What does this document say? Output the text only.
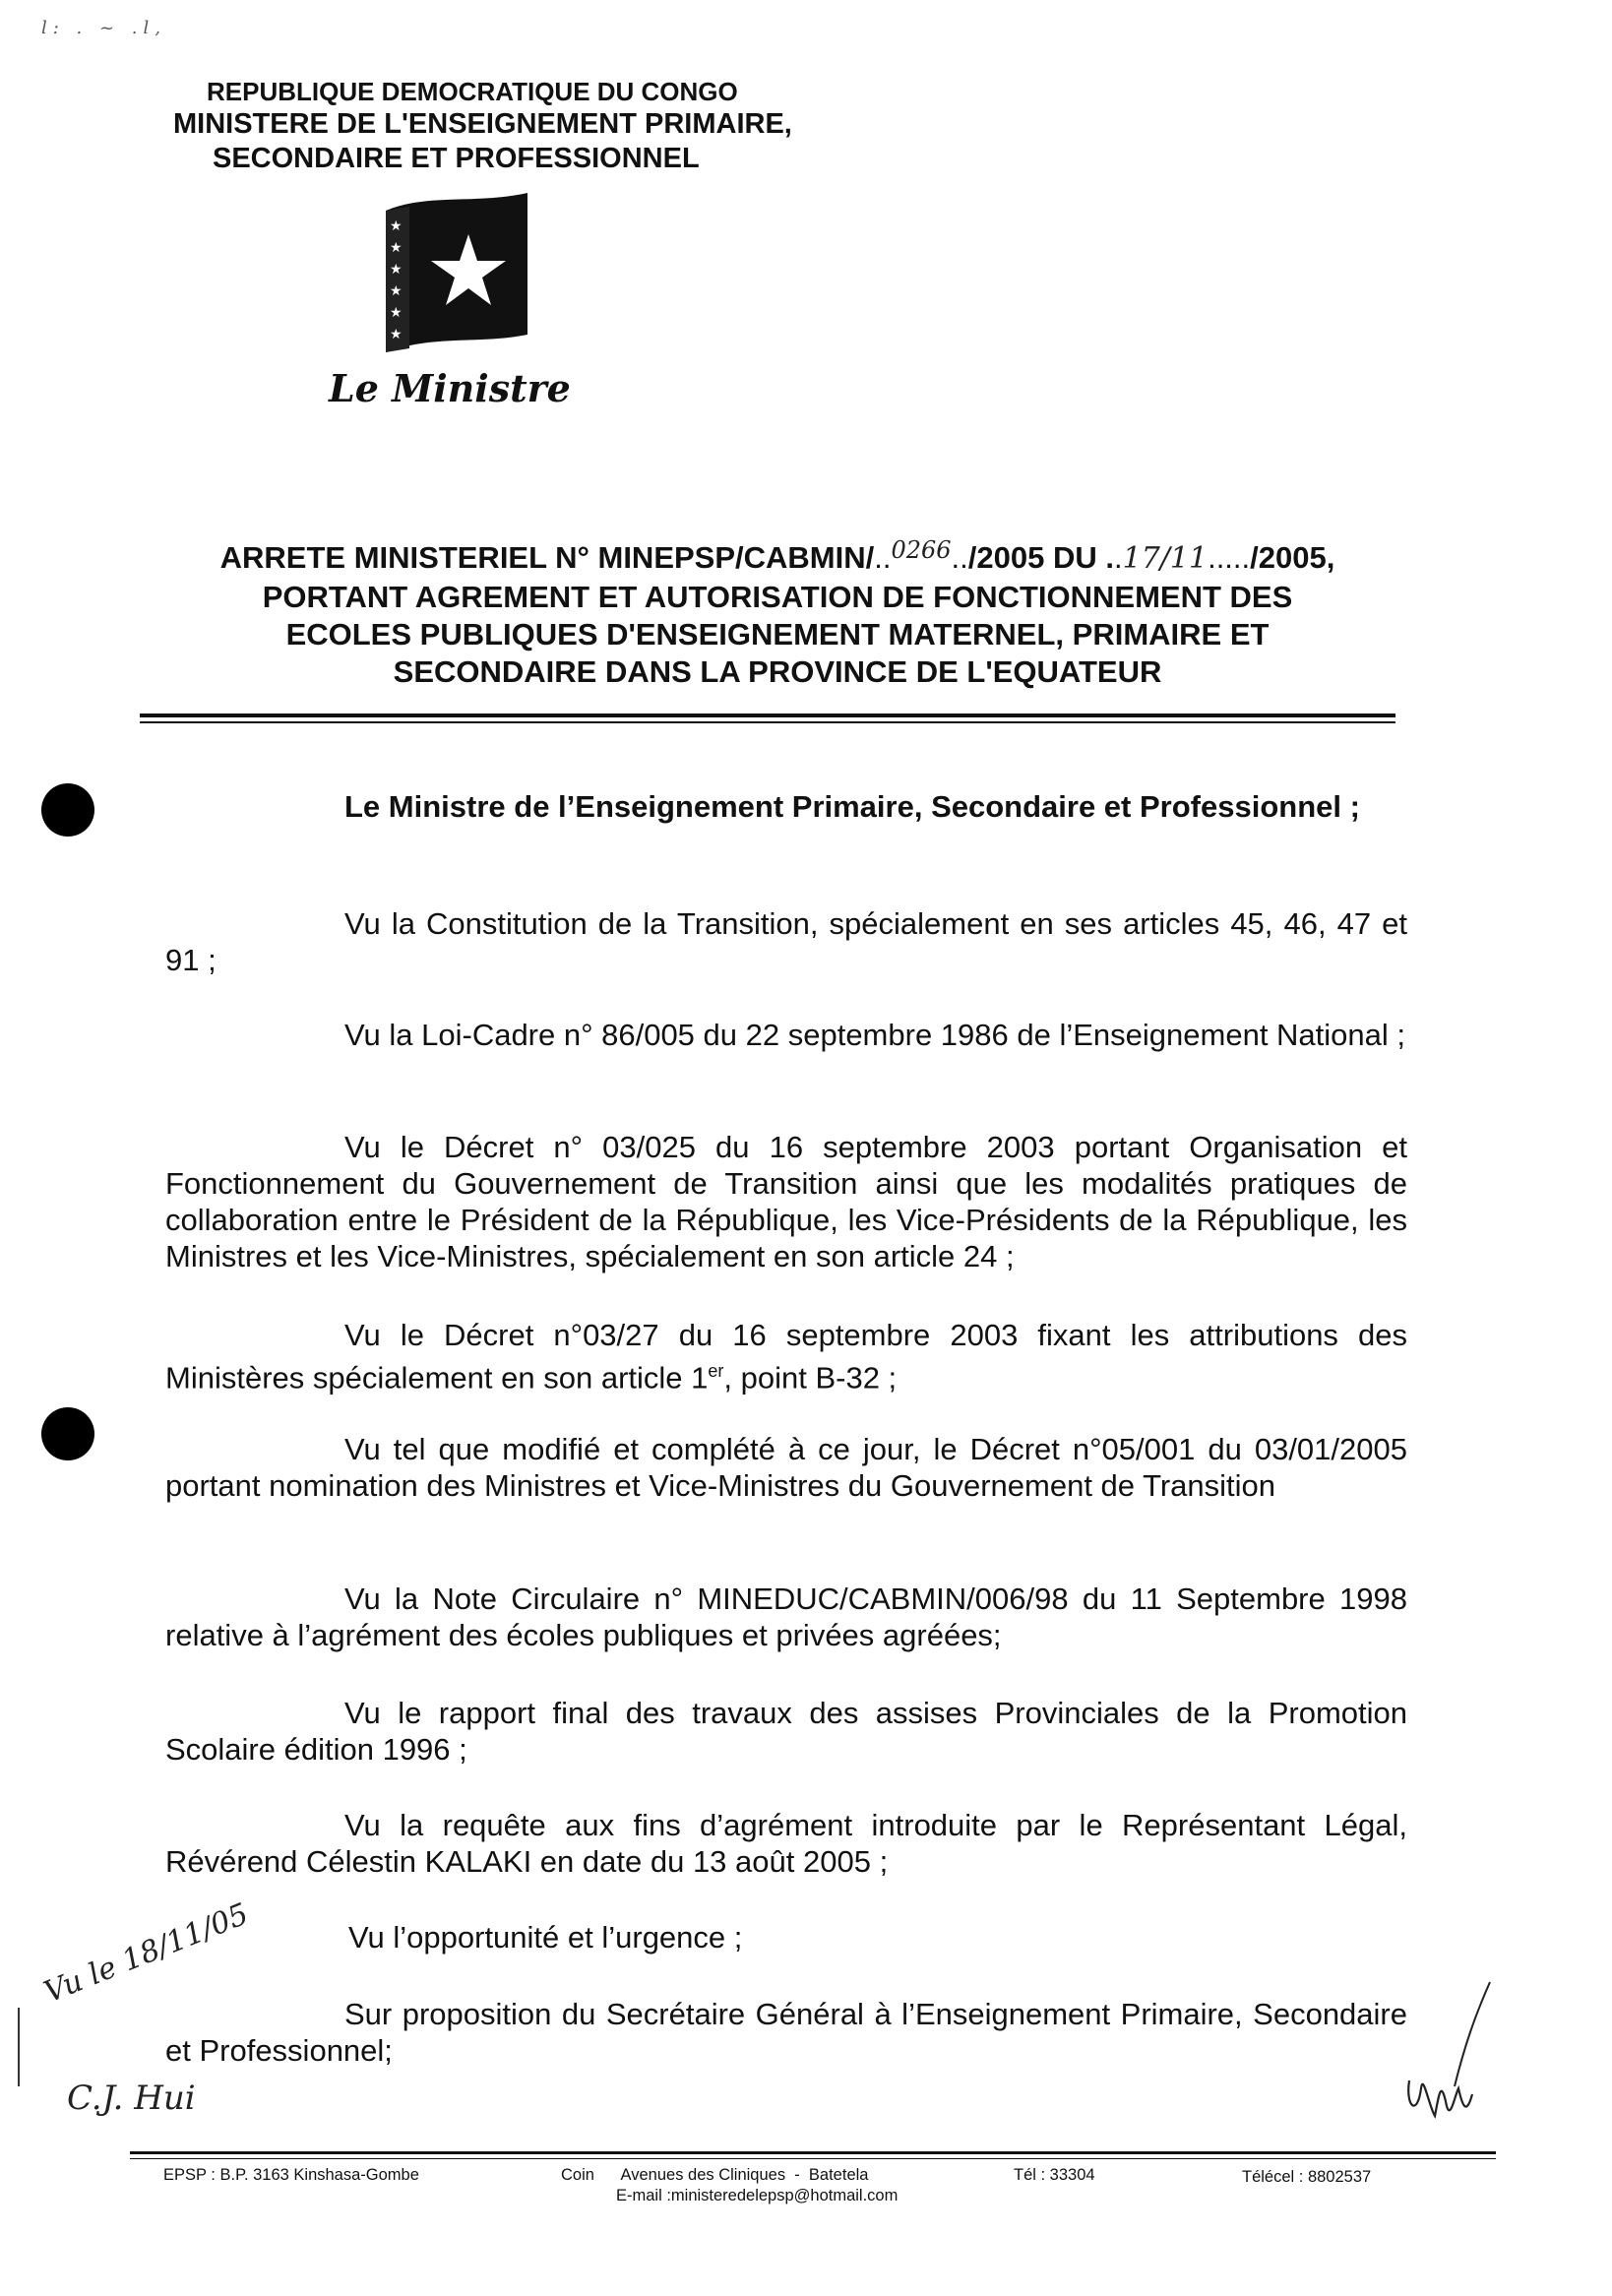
l: . ~ .l,
REPUBLIQUE DEMOCRATIQUE DU CONGO
MINISTERE DE L'ENSEIGNEMENT PRIMAIRE,
SECONDAIRE ET PROFESSIONNEL
★
★
★
★
★
★
Le Ministre
ARRETE MINISTERIEL N° MINEPSP/CABMIN/..$^{0266}$../2005 DU ..17/11...../2005,
PORTANT AGREMENT ET AUTORISATION DE FONCTIONNEMENT DES
ECOLES PUBLIQUES D'ENSEIGNEMENT MATERNEL, PRIMAIRE ET
SECONDAIRE DANS LA PROVINCE DE L'EQUATEUR
Le Ministre de l’Enseignement Primaire, Secondaire et Professionnel ;
Vu la Constitution de la Transition, spécialement en ses articles 45, 46, 47 et 91 ;
Vu la Loi-Cadre n° 86/005 du 22 septembre 1986 de l’Enseignement National ;
Vu le Décret n° 03/025 du 16 septembre 2003 portant Organisation et Fonctionnement du Gouvernement de Transition ainsi que les modalités pratiques de collaboration entre le Président de la République, les Vice-Présidents de la République, les Ministres et les Vice-Ministres, spécialement en son article 24 ;
Vu le Décret n°03/27 du 16 septembre 2003 fixant les attributions des Ministères spécialement en son article 1er, point B-32 ;
Vu tel que modifié et complété à ce jour, le Décret n°05/001 du 03/01/2005 portant nomination des Ministres et Vice-Ministres du Gouvernement de Transition
Vu la Note Circulaire n° MINEDUC/CABMIN/006/98 du 11 Septembre 1998 relative à l’agrément des écoles publiques et privées agréées;
Vu le rapport final des travaux des assises Provinciales de la Promotion Scolaire édition 1996 ;
Vu la requête aux fins d’agrément introduite par le Représentant Légal, Révérend Célestin KALAKI en date du 13 août 2005 ;
Vu l’opportunité et l’urgence ;
Sur proposition du Secrétaire Général à l’Enseignement Primaire, Secondaire et Professionnel;
Vu le 18/11/05
C.J. Hui
EPSP : B.P. 3163 Kinshasa-Gombe	Coin      Avenues des Cliniques  -  Batetela	Tél : 33304	Télécel : 8802537
E-mail :ministeredelepsp@hotmail.com
